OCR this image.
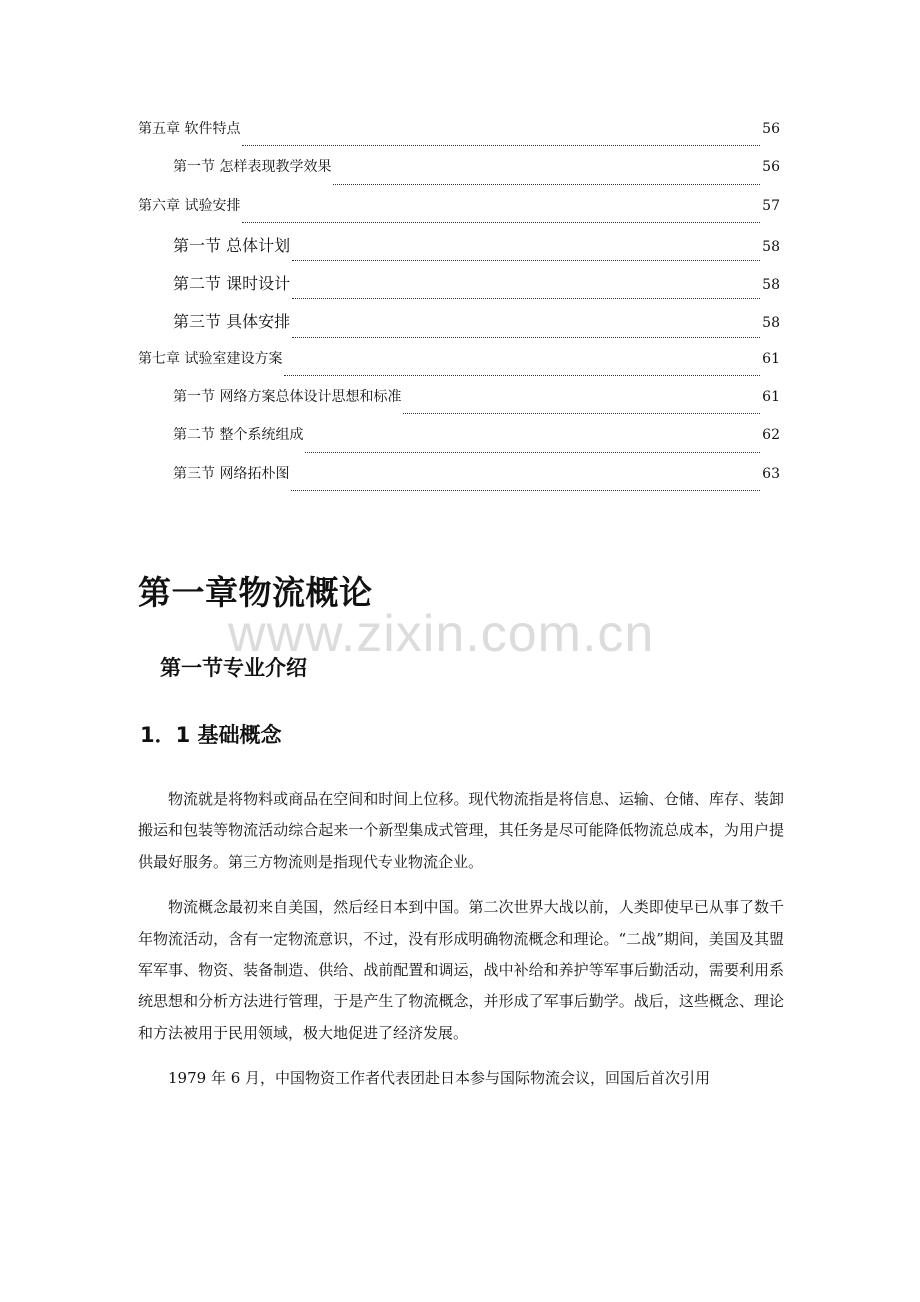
第五章 软件特点	56
第一节 怎样表现教学效果	56
第六章 试验安排	57
第一节 总体计划	58
第二节 课时设计	58
第三节 具体安排	58
第七章 试验室建设方案	61
第一节 网络方案总体设计思想和标准	61
第二节 整个系统组成	62
第三节 网络拓朴图	63
第一章物流概论

www.zixin.com.cn

第一节专业介绍
1．1 基础概念

物流就是将物料或商品在空间和时间上位移。现代物流指是将信息、运输、仓储、库存、装卸搬运和包装等物流活动综合起来一个新型集成式管理，其任务是尽可能降低物流总成本，为用户提供最好服务。第三方物流则是指现代专业物流企业。

物流概念最初来自美国，然后经日本到中国。第二次世界大战以前，人类即使早已从事了数千年物流活动，含有一定物流意识，不过，没有形成明确物流概念和理论。“二战”期间，美国及其盟军军事、物资、装备制造、供给、战前配置和调运，战中补给和养护等军事后勤活动，需要利用系统思想和分析方法进行管理，于是产生了物流概念，并形成了军事后勤学。战后，这些概念、理论和方法被用于民用领域，极大地促进了经济发展。

1979 年 6 月，中国物资工作者代表团赴日本参与国际物流会议，回国后首次引用
